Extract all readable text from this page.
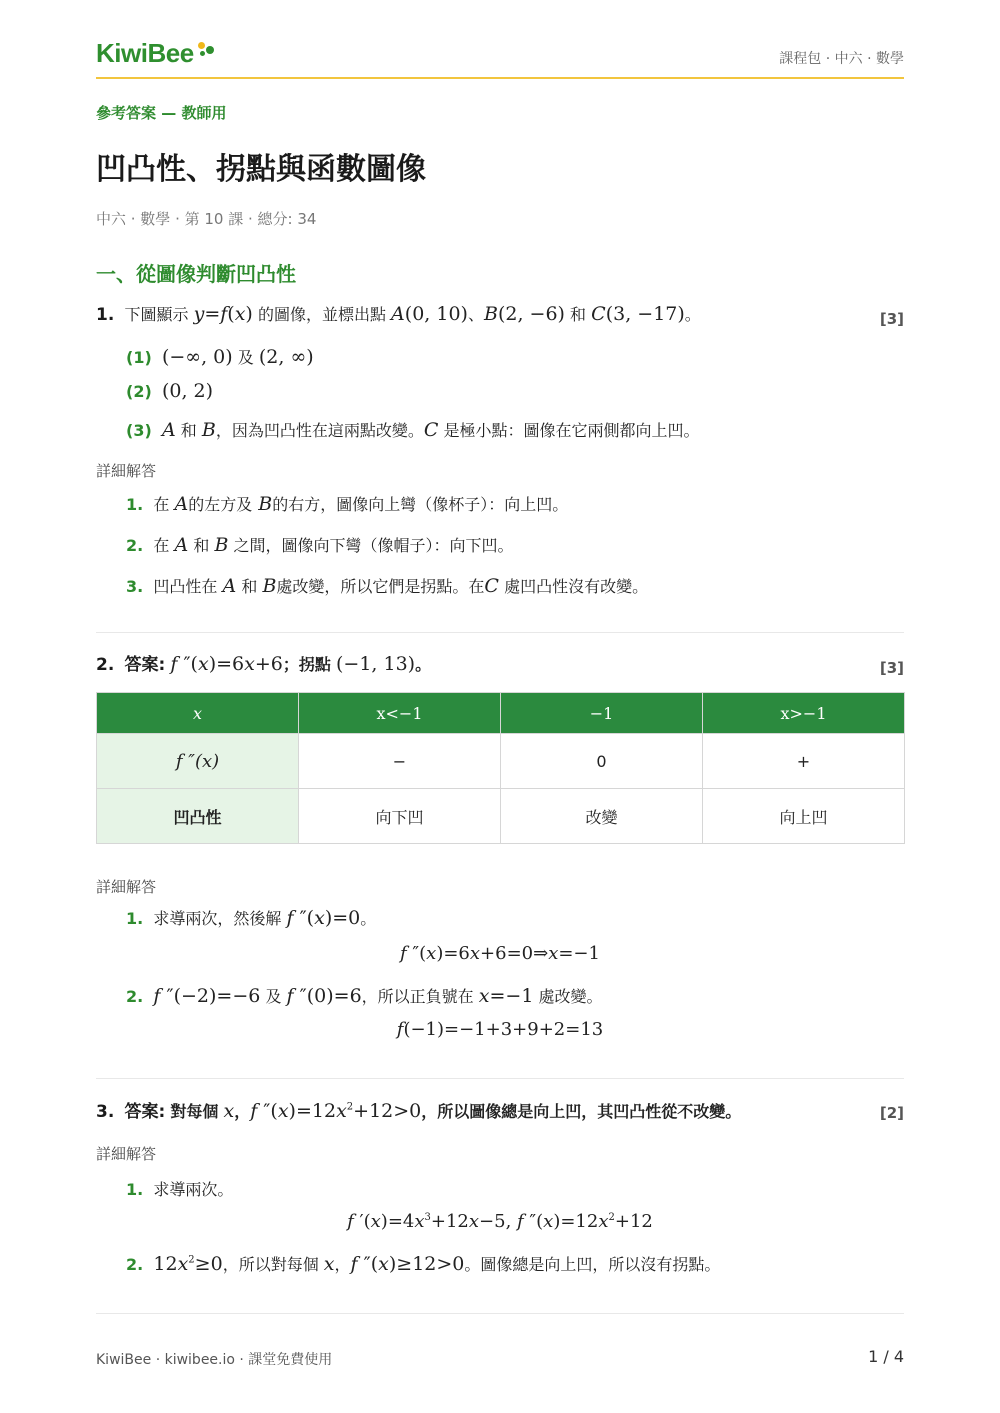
KiwiBee	課程包 · 中六 · 數學
參考答案 — 教師用
凹凸性、拐點與函數圖像
中六 · 數學 · 第 10 課 · 總分: 34
一、從圖像判斷凹凸性
1. 下圖顯示 y=f(x) 的圖像，並標出點 A(0, 10)、B(2, −6) 和 C(3, −17)。	[3]
(1) (−∞, 0) 及 (2, ∞)
(2) (0, 2)
(3) A 和 B，因為凹凸性在這兩點改變。C 是極小點：圖像在它兩側都向上凹。
詳細解答
1. 在 A的左方及 B的右方，圖像向上彎（像杯子）：向上凹。
2. 在 A 和 B 之間，圖像向下彎（像帽子）：向下凹。
3. 凹凸性在 A 和 B處改變，所以它們是拐點。在C 處凹凸性沒有改變。
2. 答案: f ″(x)=6x+6；拐點 (−1, 13)。	[3]
x	x<−1	−1	x>−1
f ″(x)	−	0	+
凹凸性	向下凹	改變	向上凹
詳細解答
1. 求導兩次，然後解 f ″(x)=0。
f ″(x)=6x+6=0⇒x=−1
2. f ″(−2)=−6 及 f ″(0)=6，所以正負號在 x=−1 處改變。
f(−1)=−1+3+9+2=13
3. 答案: 對每個 x，f $''(x)=12x^2+12>0$，所以圖像總是向上凹，其凹凸性從不改變。	[2]
詳細解答
1. 求導兩次。
f $'(x)=4x^3+12x-5$, f $''(x)=12x^2+12$
2. $12x^2\ge 0$，所以對每個 x，f ″(x)≥12>0。圖像總是向上凹，所以沒有拐點。
KiwiBee · kiwibee.io · 課堂免費使用	1 / 4
